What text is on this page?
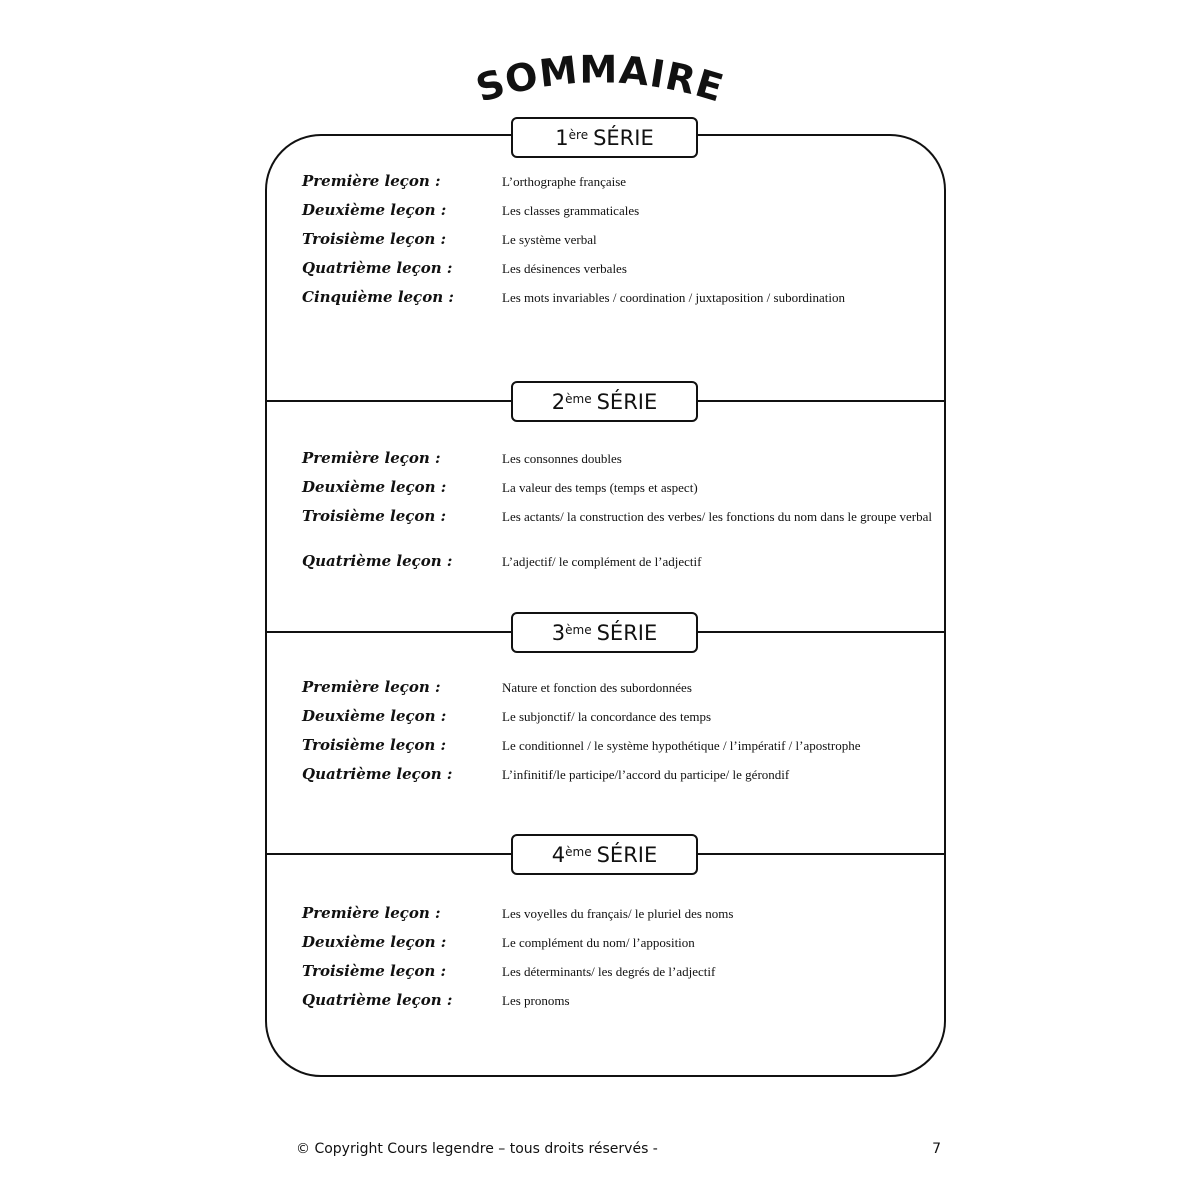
SOMMAIRE
1ère SÉRIE
Première leçon :	L’orthographe française
Deuxième leçon :	Les classes grammaticales
Troisième leçon :	Le système verbal
Quatrième leçon :	Les désinences verbales
Cinquième leçon :	Les mots invariables / coordination / juxtaposition / subordination
2ème SÉRIE
Première leçon :	Les consonnes doubles
Deuxième leçon :	La valeur des temps (temps et aspect)
Troisième leçon :	Les actants/ la construction des verbes/ les fonctions du nom dans le groupe verbal
Quatrième leçon :	L’adjectif/ le complément de l’adjectif
3ème SÉRIE
Première leçon :	Nature et fonction des subordonnées
Deuxième leçon :	Le subjonctif/ la concordance des temps
Troisième leçon :	Le conditionnel / le système hypothétique / l’impératif / l’apostrophe
Quatrième leçon :	L’infinitif/le participe/l’accord du participe/ le gérondif
4ème SÉRIE
Première leçon :	Les voyelles du français/ le pluriel des noms
Deuxième leçon :	Le complément du nom/ l’apposition
Troisième leçon :	Les déterminants/ les degrés de l’adjectif
Quatrième leçon :	Les pronoms
© Copyright Cours legendre – tous droits réservés -	7
